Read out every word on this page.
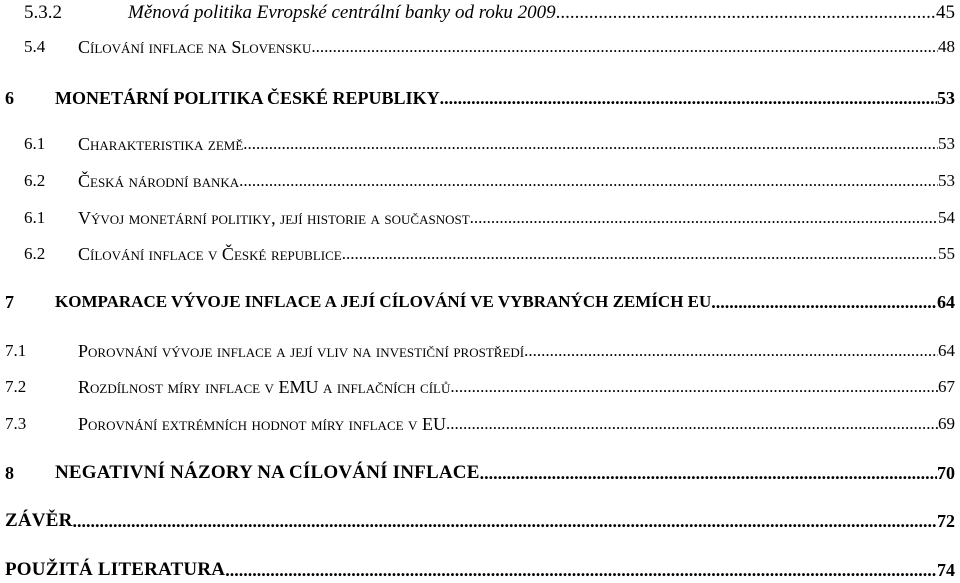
5.3.2	Měnová politika Evropské centrální banky od roku 2009 .....	45
5.4 Cílování inflace na Slovensku .....	48
6 MONETÁRNÍ POLITIKA ČESKÉ REPUBLIKY .....	53
6.1 Charakteristika země .....	53
6.2 Česká národní banka .....	53
6.1 Vývoj monetární politiky, její historie a současnost .....	54
6.2 Cílování inflace v České republice .....	55
7 KOMPARACE VÝVOJE INFLACE A JEJÍ CÍLOVÁNÍ VE VYBRANÝCH ZEMÍCH EU .....	64
7.1	Porovnání vývoje inflace a její vliv na investiční prostředí .....	64
7.2	Rozdílnost míry inflace v EMU a inflačních cílů .....	67
7.3	Porovnání extrémních hodnot míry inflace v EU .....	69
8 NEGATIVNÍ NÁZORY NA CÍLOVÁNÍ INFLACE .....	70
ZÁVĚR .....	72
POUŽITÁ LITERATURA .....	74
